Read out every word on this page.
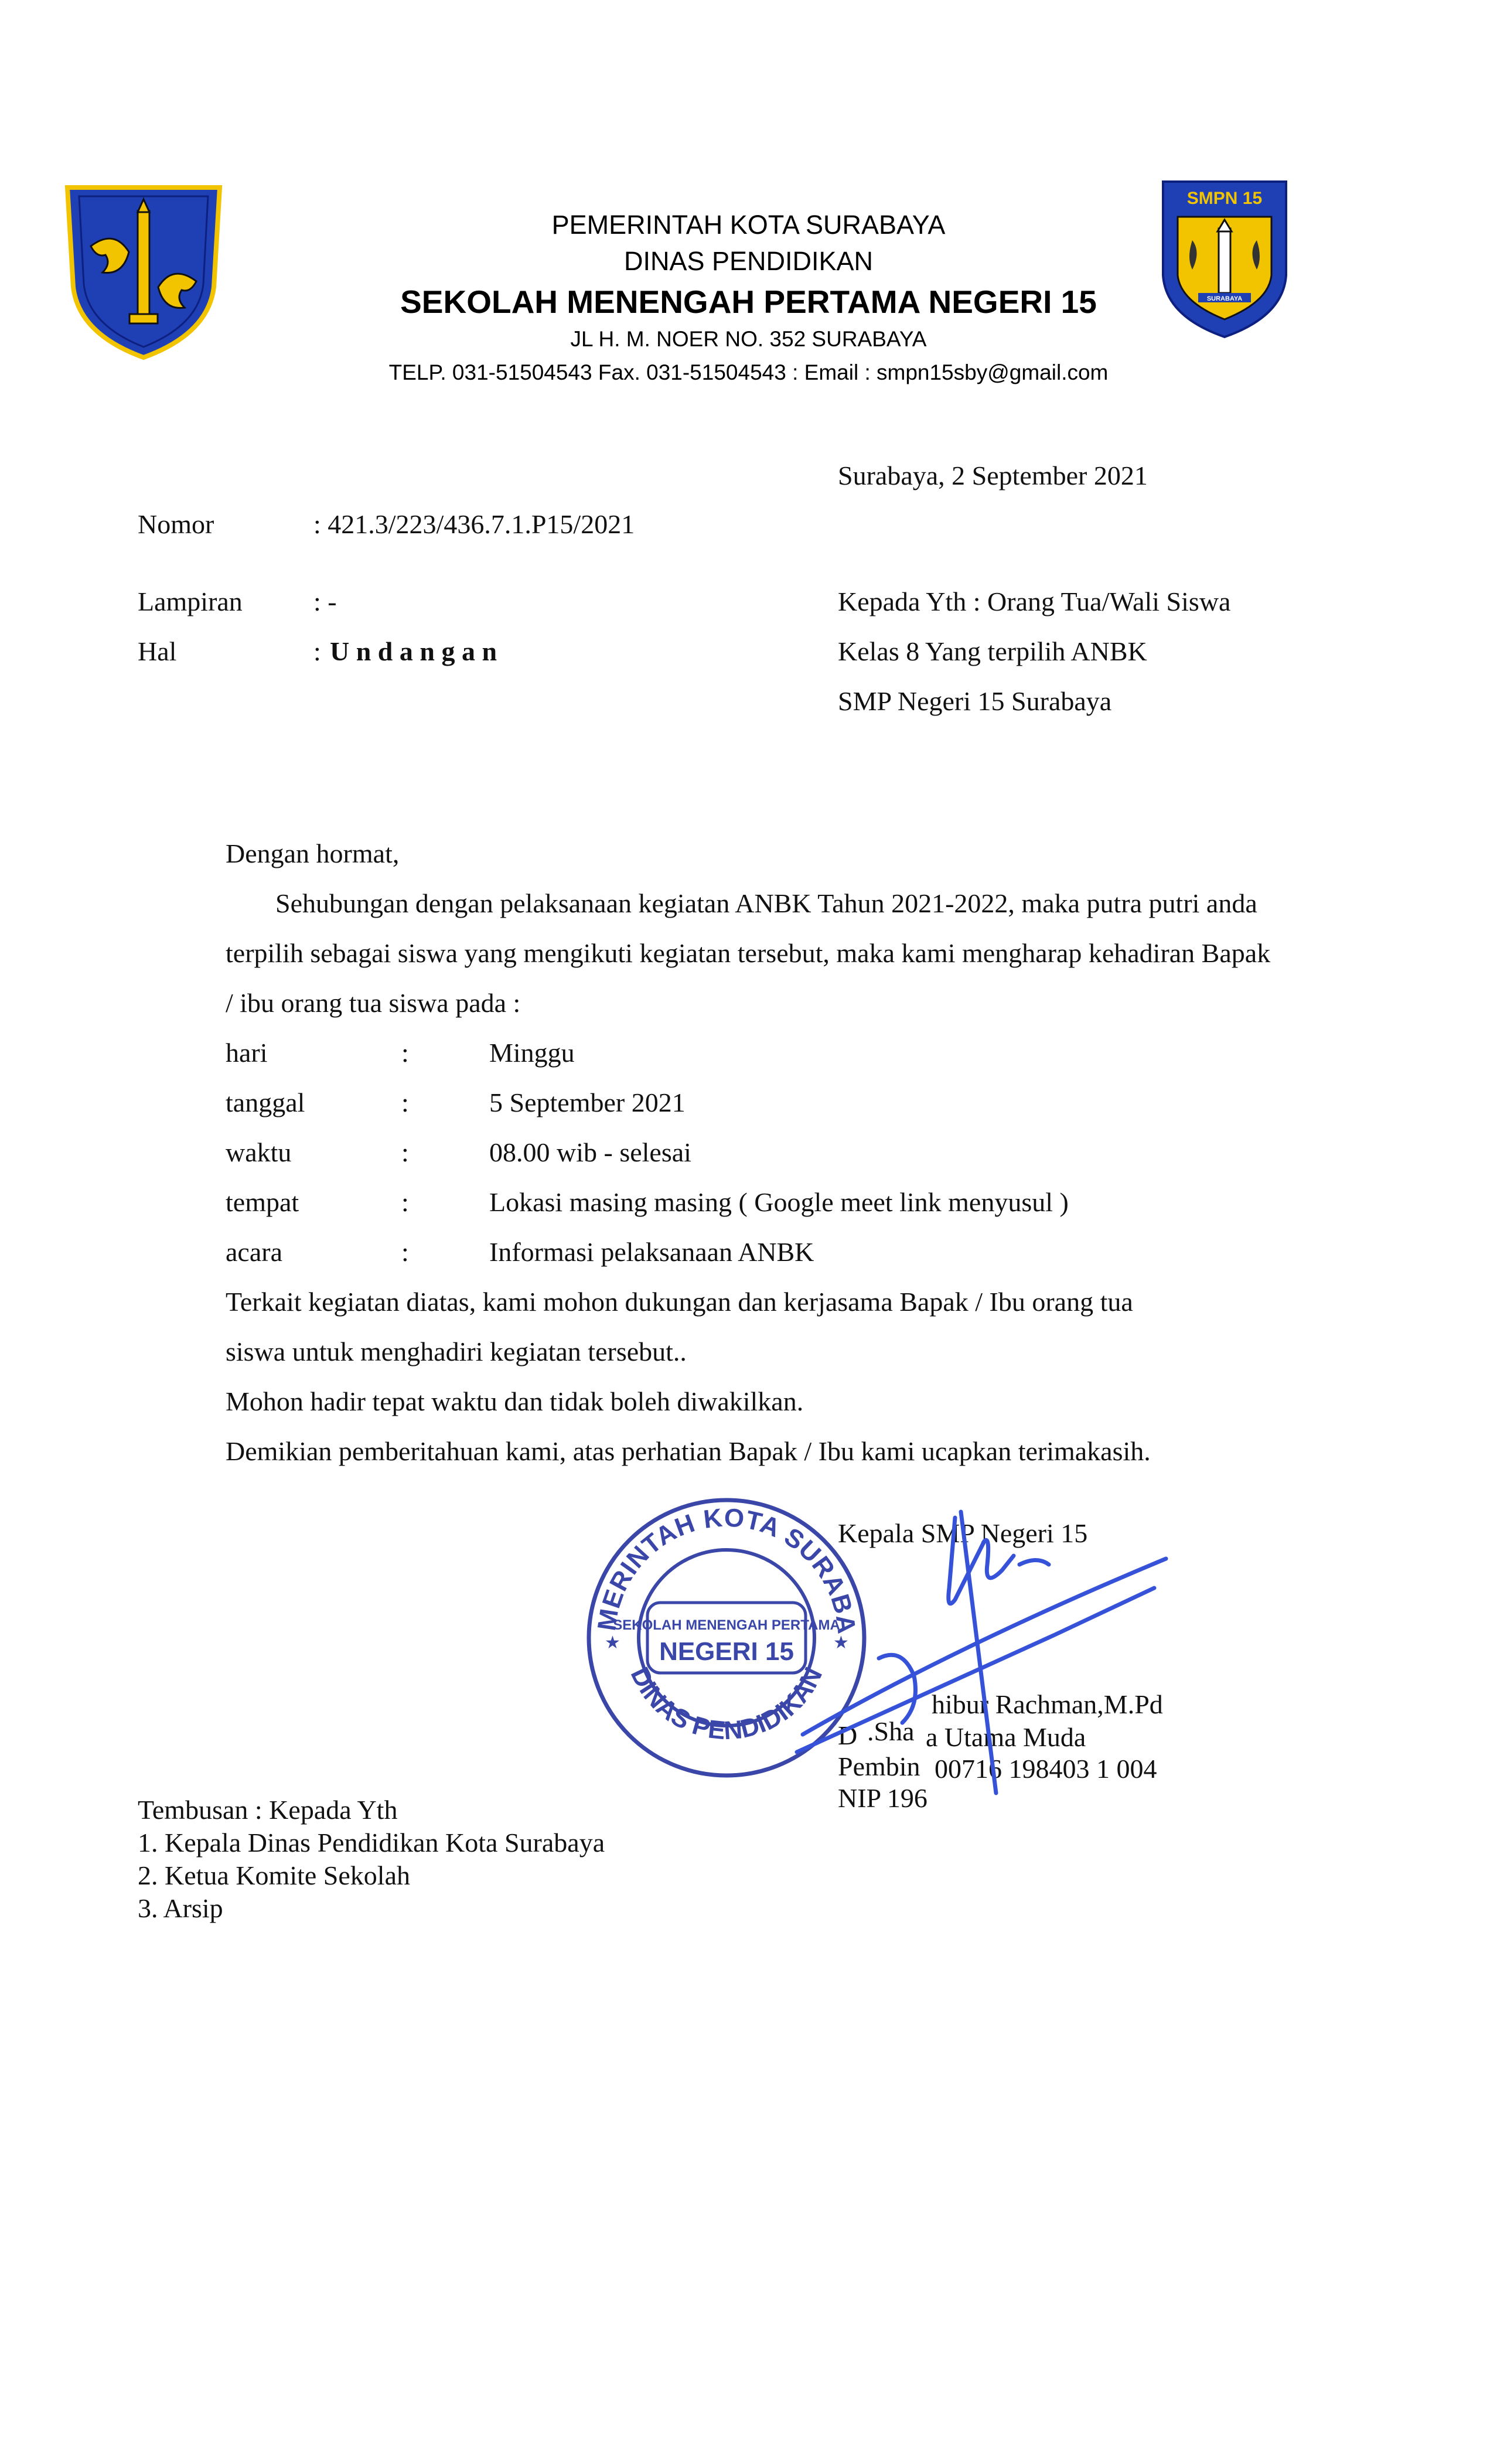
SMPN 15
SURABAYA
PEMERINTAH KOTA SURABAYA
DINAS PENDIDIKAN
SEKOLAH MENENGAH PERTAMA NEGERI 15
JL H. M. NOER NO. 352 SURABAYA
TELP. 031-51504543 Fax. 031-51504543 : Email : smpn15sby@gmail.com
Surabaya, 2 September 2021
Nomor	: 421.3/223/436.7.1.P15/2021
Lampiran	: -
Hal	: U n d a n g a n
Kepada Yth : Orang Tua/Wali Siswa
Kelas 8 Yang terpilih ANBK
SMP Negeri 15 Surabaya
Dengan hormat,
Sehubungan dengan pelaksanaan kegiatan ANBK Tahun 2021-2022, maka putra putri anda
terpilih sebagai siswa yang mengikuti kegiatan tersebut, maka kami mengharap kehadiran Bapak
/ ibu orang tua siswa pada :
hari	:	Minggu
tanggal	:	5 September 2021
waktu	:	08.00 wib - selesai
tempat	:	Lokasi masing masing ( Google meet link menyusul )
acara	:	Informasi pelaksanaan ANBK
Terkait kegiatan diatas, kami mohon dukungan dan kerjasama Bapak / Ibu orang tua
siswa untuk menghadiri kegiatan tersebut..
Mohon hadir tepat waktu dan tidak boleh diwakilkan.
Demikian pemberitahuan kami, atas perhatian Bapak / Ibu kami ucapkan terimakasih.
MERINTAH KOTA SURABA
DINAS PENDIDIKAN
★	★
SEKOLAH MENENGAH PERTAMA
NEGERI 15
Kepala SMP Negeri 15
D .Sha
hibur Rachman,M.Pd
Pembin
a Utama Muda
NIP 196
00716 198403 1 004
Tembusan : Kepada Yth
1. Kepala Dinas Pendidikan Kota Surabaya
2. Ketua Komite Sekolah
3. Arsip
